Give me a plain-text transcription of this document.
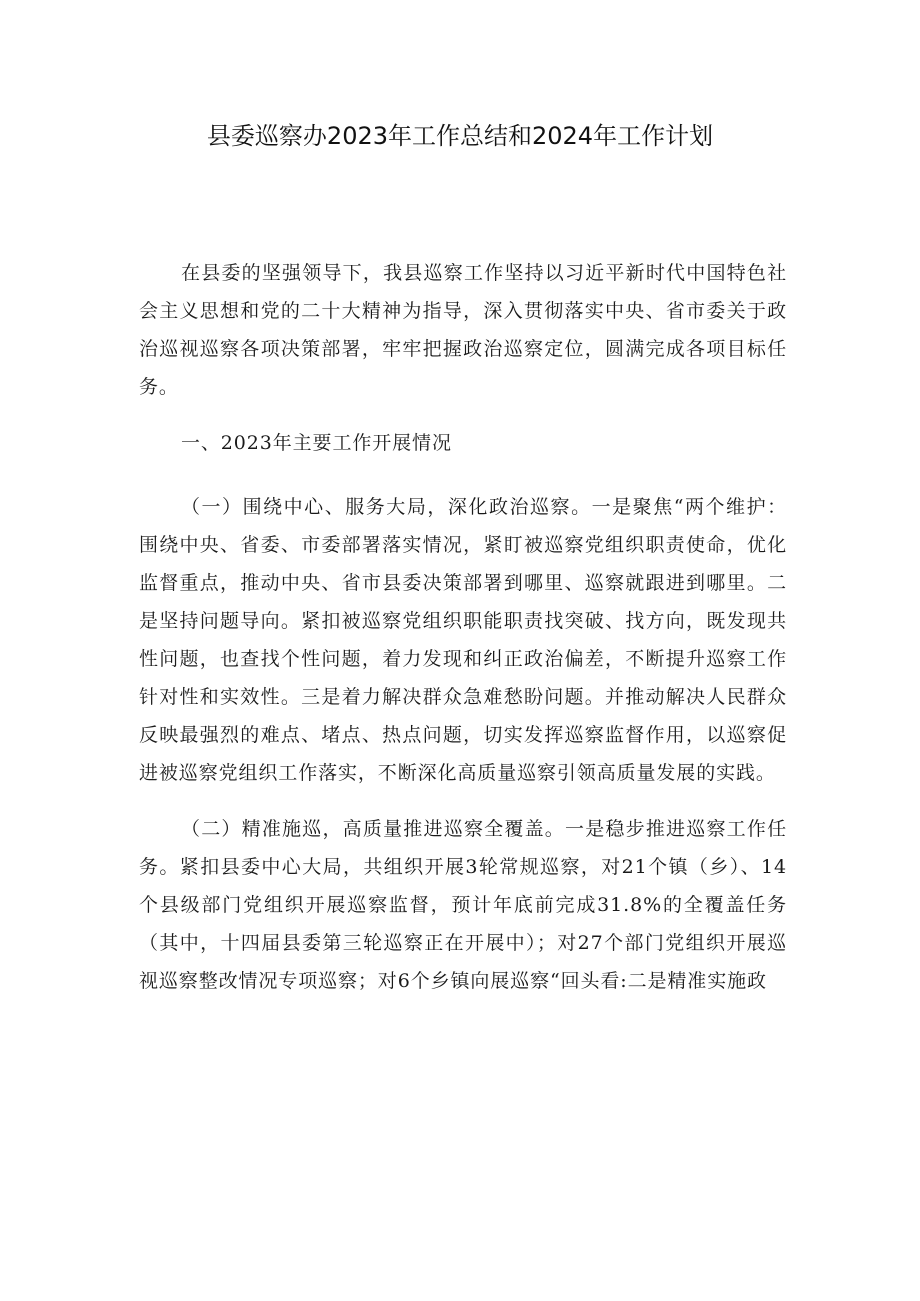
县委巡察办2023年工作总结和2024年工作计划

在县委的坚强领导下，我县巡察工作坚持以习近平新时代中国特色社会主义思想和党的二十大精神为指导，深入贯彻落实中央、省市委关于政治巡视巡察各项决策部署，牢牢把握政治巡察定位，圆满完成各项目标任务。

一、2023年主要工作开展情况

（一）围绕中心、服务大局，深化政治巡察。一是聚焦“两个维护：围绕中央、省委、市委部署落实情况，紧盯被巡察党组织职责使命，优化监督重点，推动中央、省市县委决策部署到哪里、巡察就跟进到哪里。二是坚持问题导向。紧扣被巡察党组织职能职责找突破、找方向，既发现共性问题，也查找个性问题，着力发现和纠正政治偏差，不断提升巡察工作针对性和实效性。三是着力解决群众急难愁盼问题。并推动解决人民群众反映最强烈的难点、堵点、热点问题，切实发挥巡察监督作用，以巡察促进被巡察党组织工作落实，不断深化高质量巡察引领高质量发展的实践。

（二）精准施巡，高质量推进巡察全覆盖。一是稳步推进巡察工作任务。紧扣县委中心大局，共组织开展3轮常规巡察，对21个镇（乡）、14个县级部门党组织开展巡察监督，预计年底前完成31.8%的全覆盖任务（其中，十四届县委第三轮巡察正在开展中）；对27个部门党组织开展巡视巡察整改情况专项巡察；对6个乡镇向展巡察“回头看:二是精准实施政
